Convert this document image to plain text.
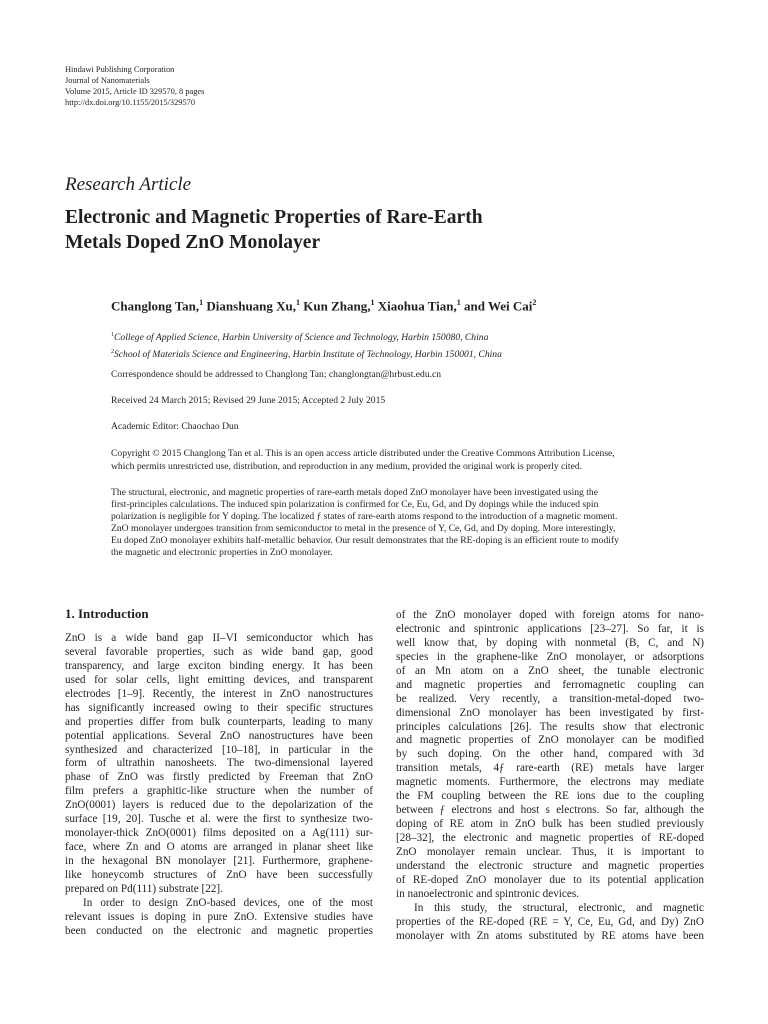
Hindawi Publishing Corporation
Journal of Nanomaterials
Volume 2015, Article ID 329570, 8 pages
http://dx.doi.org/10.1155/2015/329570
Research Article
Electronic and Magnetic Properties of Rare-Earth
Metals Doped ZnO Monolayer
Changlong Tan,$^1$ Dianshuang Xu,$^1$ Kun Zhang,$^1$ Xiaohua Tian,$^1$ and Wei Cai$^2$
$^1$College of Applied Science, Harbin University of Science and Technology, Harbin 150080, China
$^2$School of Materials Science and Engineering, Harbin Institute of Technology, Harbin 150001, China
Correspondence should be addressed to Changlong Tan; changlongtan@hrbust.edu.cn
Received 24 March 2015; Revised 29 June 2015; Accepted 2 July 2015
Academic Editor: Chaochao Dun
Copyright © 2015 Changlong Tan et al. This is an open access article distributed under the Creative Commons Attribution License,
which permits unrestricted use, distribution, and reproduction in any medium, provided the original work is properly cited.
The structural, electronic, and magnetic properties of rare-earth metals doped ZnO monolayer have been investigated using the
first-principles calculations. The induced spin polarization is confirmed for Ce, Eu, Gd, and Dy dopings while the induced spin
polarization is negligible for Y doping. The localized ƒ states of rare-earth atoms respond to the introduction of a magnetic moment.
ZnO monolayer undergoes transition from semiconductor to metal in the presence of Y, Ce, Gd, and Dy doping. More interestingly,
Eu doped ZnO monolayer exhibits half-metallic behavior. Our result demonstrates that the RE-doping is an efficient route to modify
the magnetic and electronic properties in ZnO monolayer.
1. Introduction
ZnO is a wide band gap II–VI semiconductor which has
several favorable properties, such as wide band gap, good
transparency, and large exciton binding energy. It has been
used for solar cells, light emitting devices, and transparent
electrodes [1–9]. Recently, the interest in ZnO nanostructures
has significantly increased owing to their specific structures
and properties differ from bulk counterparts, leading to many
potential applications. Several ZnO nanostructures have been
synthesized and characterized [10–18], in particular in the
form of ultrathin nanosheets. The two-dimensional layered
phase of ZnO was firstly predicted by Freeman that ZnO
film prefers a graphitic-like structure when the number of
ZnO(0001) layers is reduced due to the depolarization of the
surface [19, 20]. Tusche et al. were the first to synthesize two-
monolayer-thick ZnO(0001) films deposited on a Ag(111) sur-
face, where Zn and O atoms are arranged in planar sheet like
in the hexagonal BN monolayer [21]. Furthermore, graphene-
like honeycomb structures of ZnO have been successfully
prepared on Pd(111) substrate [22].
In order to design ZnO-based devices, one of the most
relevant issues is doping in pure ZnO. Extensive studies have
been conducted on the electronic and magnetic properties
of the ZnO monolayer doped with foreign atoms for nano-
electronic and spintronic applications [23–27]. So far, it is
well know that, by doping with nonmetal (B, C, and N)
species in the graphene-like ZnO monolayer, or adsorptions
of an Mn atom on a ZnO sheet, the tunable electronic
and magnetic properties and ferromagnetic coupling can
be realized. Very recently, a transition-metal-doped two-
dimensional ZnO monolayer has been investigated by first-
principles calculations [26]. The results show that electronic
and magnetic properties of ZnO monolayer can be modified
by such doping. On the other hand, compared with 3d
transition metals, 4ƒ rare-earth (RE) metals have larger
magnetic moments. Furthermore, the electrons may mediate
the FM coupling between the RE ions due to the coupling
between ƒ electrons and host s electrons. So far, although the
doping of RE atom in ZnO bulk has been studied previously
[28–32], the electronic and magnetic properties of RE-doped
ZnO monolayer remain unclear. Thus, it is important to
understand the electronic structure and magnetic properties
of RE-doped ZnO monolayer due to its potential application
in nanoelectronic and spintronic devices.
In this study, the structural, electronic, and magnetic
properties of the RE-doped (RE = Y, Ce, Eu, Gd, and Dy) ZnO
monolayer with Zn atoms substituted by RE atoms have been
